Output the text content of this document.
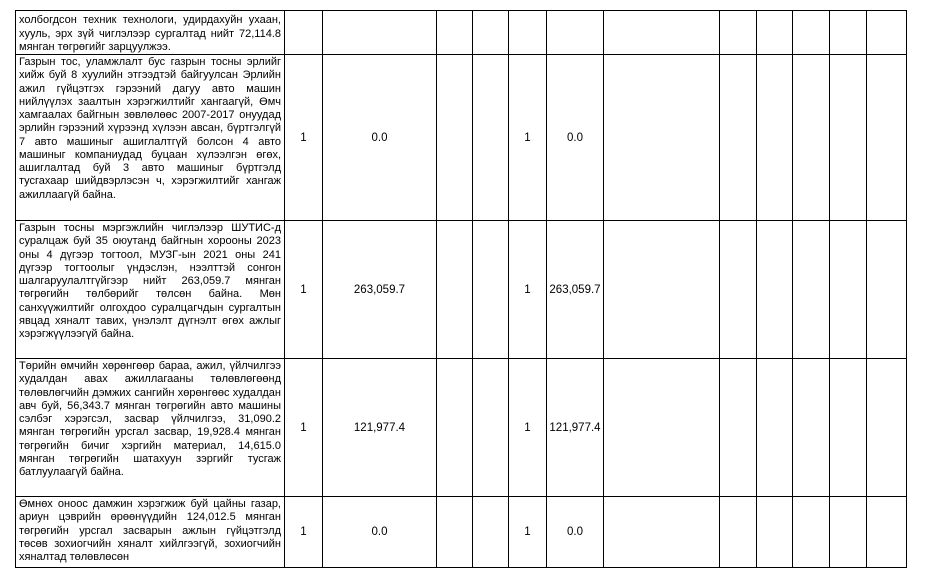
холбогдсон техник технологи, удирдахуйн ухаан, хууль, эрх зүй чиглэлээр сургалтад нийт 72,114.8 мянган төгрөгийг зарцуулжээ.												
Газрын тос, уламжлалт бус газрын тосны эрлийг хийж буй 8 хуулийн этгээдтэй байгуулсан Эрлийн ажил гүйцэтгэх гэрээний дагуу авто машин нийлүүлэх заалтын хэрэгжилтийг хангаагүй, Өмч хамгаалах байгнын зөвлөлөөс 2007-2017 онуудад эрлийн гэрээний хүрээнд хүлээн авсан, бүртгэлгүй 7 авто машиныг ашиглалтгүй болсон 4 авто машиныг компаниудад буцаан хүлээлгэн өгөх, ашиглалтад буй 3 авто машиныг бүртгэлд тусгахаар шийдвэрлэсэн ч, хэрэгжилтийг хангаж ажиллаагүй байна.	1	0.0			1	0.0						
Газрын тосны мэргэжлийн чиглэлээр ШУТИС-д суралцаж буй 35 оюутанд байгнын хорооны 2023 оны 4 дүгээр тогтоол, МУЗГ-ын 2021 оны 241 дүгээр тогтоолыг үндэслэн, нээлттэй сонгон шалгаруулалтгүйгээр нийт 263,059.7 мянган төгрөгийн төлбөрийг төлсөн байна. Мөн санхүүжилтийг олгохдоо суралцагчдын сургалтын явцад хяналт тавих, үнэлэлт дүгнэлт өгөх ажлыг хэрэгжүүлээгүй байна.	1	263,059.7			1	263,059.7						
Төрийн өмчийн хөрөнгөөр бараа, ажил, үйлчилгээ худалдан авах ажиллагааны төлөвлөгөөнд төлөвлөгчийн дэмжих сангийн хөрөнгөөс худалдан авч буй, 56,343.7 мянган төгрөгийн авто машины сэлбэг хэрэгсэл, засвар үйлчилгээ, 31,090.2 мянган төгрөгийн урсгал засвар, 19,928.4 мянган төгрөгийн бичиг хэргийн материал, 14,615.0 мянган төгрөгийн шатахуун зэргийг тусгаж батлуулаагүй байна.	1	121,977.4			1	121,977.4						
Өмнөх оноос дамжин хэрэгжиж буй цайны газар, ариун цэврийн өрөөнүүдийн 124,012.5 мянган төгрөгийн урсгал засварын ажлын гүйцэтгэлд төсөв зохиогчийн хяналт хийлгээгүй, зохиогчийн хяналтад төлөвлөсөн	1	0.0			1	0.0						
